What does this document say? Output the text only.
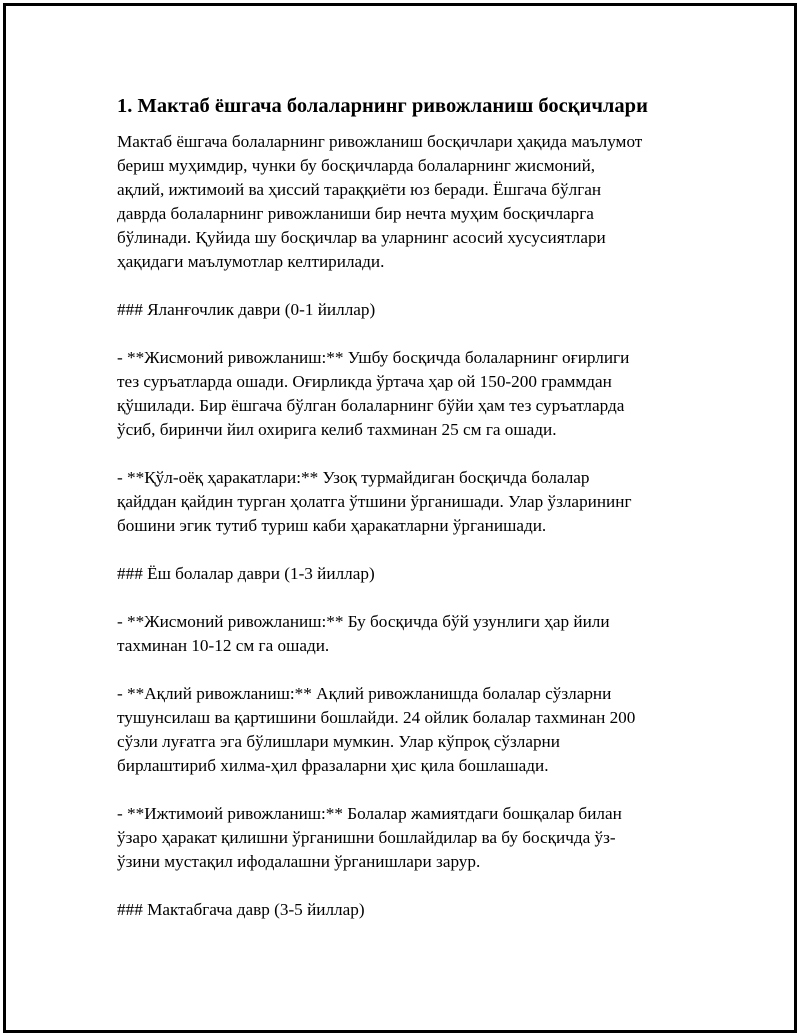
1. Мактаб ёшгача болаларнинг ривожланиш босқичлари

Мактаб ёшгача болаларнинг ривожланиш босқичлари ҳақида маълумот
бериш муҳимдир, чунки бу босқичларда болаларнинг жисмоний,
ақлий, ижтимоий ва ҳиссий тараққиёти юз беради. Ёшгача бўлган
даврда болаларнинг ривожланиши бир нечта муҳим босқичларга
бўлинади. Қуйида шу босқичлар ва уларнинг асосий хусусиятлари
ҳақидаги маълумотлар келтирилади.

### Яланғочлик даври (0-1 йиллар)

- **Жисмоний ривожланиш:** Ушбу босқичда болаларнинг оғирлиги
тез суръатларда ошади. Оғирликда ўртача ҳар ой 150-200 граммдан
қўшилади. Бир ёшгача бўлган болаларнинг бўйи ҳам тез суръатларда
ўсиб, биринчи йил охирига келиб тахминан 25 см га ошади.

- **Қўл-оёқ ҳаракатлари:** Узоқ турмайдиган босқичда болалар
қайддан қайдин турган ҳолатга ўтшини ўрганишади. Улар ўзларининг
бошини эгик тутиб туриш каби ҳаракатларни ўрганишади.

### Ёш болалар даври (1-3 йиллар)

- **Жисмоний ривожланиш:** Бу босқичда бўй узунлиги ҳар йили
тахминан 10-12 см га ошади.

- **Ақлий ривожланиш:** Ақлий ривожланишда болалар сўзларни
тушунсилаш ва қартишини бошлайди. 24 ойлик болалар тахминан 200
сўзли луғатга эга бўлишлари мумкин. Улар кўпроқ сўзларни
бирлаштириб хилма-ҳил фразаларни ҳис қила бошлашади.

- **Ижтимоий ривожланиш:** Болалар жамиятдаги бошқалар билан
ўзаро ҳаракат қилишни ўрганишни бошлайдилар ва бу босқичда ўз-
ўзини мустақил ифодалашни ўрганишлари зарур.

### Мактабгача давр (3-5 йиллар)
